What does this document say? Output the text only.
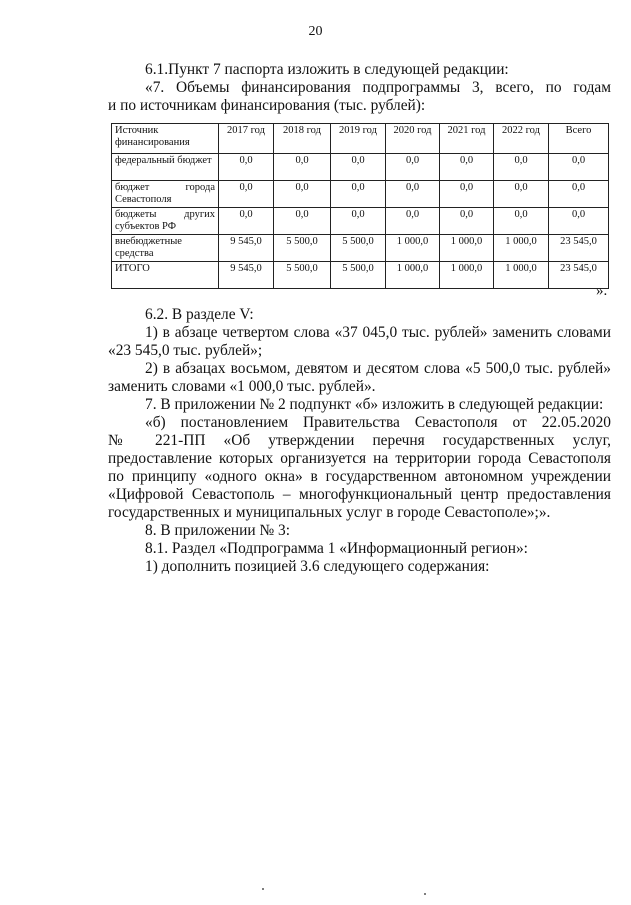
20
6.1.Пункт 7 паспорта изложить в следующей редакции:
«7. Объемы финансирования подпрограммы 3, всего, по годам
и по источникам финансирования (тыс. рублей):
Источник финансирования	2017 год	2018 год	2019 год	2020 год	2021 год	2022 год	Всего
федеральный бюджет	0,0	0,0	0,0	0,0	0,0	0,0	0,0
бюджет города Севастополя	0,0	0,0	0,0	0,0	0,0	0,0	0,0
бюджеты других субъектов РФ	0,0	0,0	0,0	0,0	0,0	0,0	0,0
внебюджетные средства	9 545,0	5 500,0	5 500,0	1 000,0	1 000,0	1 000,0	23 545,0
ИТОГО	9 545,0	5 500,0	5 500,0	1 000,0	1 000,0	1 000,0	23 545,0
».
6.2. В разделе V:
1) в абзаце четвертом слова «37 045,0 тыс. рублей» заменить словами
«23 545,0 тыс. рублей»;
2) в абзацах восьмом, девятом и десятом слова «5 500,0 тыс. рублей»
заменить словами «1 000,0 тыс. рублей».
7. В приложении № 2 подпункт «б» изложить в следующей редакции:
«б) постановлением Правительства Севастополя от 22.05.2020
№ 221-ПП «Об утверждении перечня государственных услуг,
предоставление которых организуется на территории города Севастополя
по принципу «одного окна» в государственном автономном учреждении
«Цифровой Севастополь – многофункциональный центр предоставления
государственных и муниципальных услуг в городе Севастополе»;».
8. В приложении № 3:
8.1. Раздел «Подпрограмма 1 «Информационный регион»:
1) дополнить позицией 3.6 следующего содержания:
